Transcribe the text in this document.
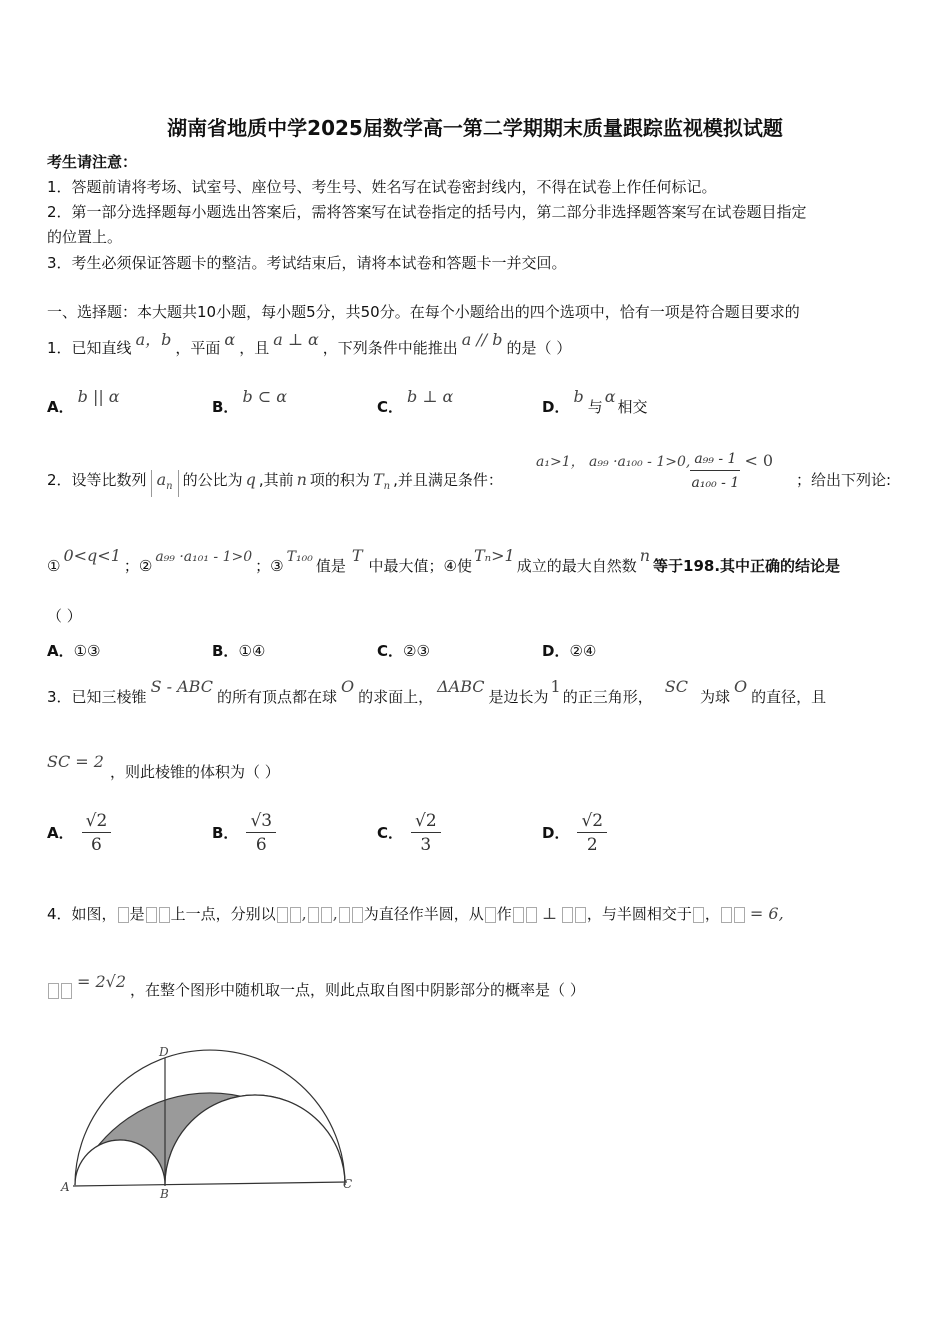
湖南省地质中学2025届数学高一第二学期期末质量跟踪监视模拟试题
考生请注意：
1．答题前请将考场、试室号、座位号、考生号、姓名写在试卷密封线内，不得在试卷上作任何标记。
2．第一部分选择题每小题选出答案后，需将答案写在试卷指定的括号内，第二部分非选择题答案写在试卷题目指定
的位置上。
3．考生必须保证答题卡的整洁。考试结束后，请将本试卷和答题卡一并交回。
一、选择题：本大题共10小题，每小题5分，共50分。在每个小题给出的四个选项中，恰有一项是符合题目要求的
1．已知直线 a，b ，平面 α ，且 a ⊥ α ，下列条件中能推出 a // b 的是（ ）
A．b || α
B．b ⊂ α
C．b ⊥ α
D．b与α相交
2．设等比数列 $a_n$ 的公比为 q ,其前 n 项的积为 $T_n$ ,并且满足条件：
a₁>1， a₉₉ ·a₁₀₀ - 1>0, $\frac{\text{a₉₉ - 1}}{\text{a₁₀₀ - 1}} < 0$
；给出下列论:
①0<q<1；② a₉₉ ·a₁₀₁ - 1>0 ；③ T₁₀₀ 值是T中最大值；④使Tₙ>1成立的最大自然数n等于198.其中正确的结论是
（ ）
A．①③	B．①④	C．②③	D．②④
3．已知三棱锥S - ABC的所有顶点都在球O的求面上，ΔABC是边长为1的正三角形，SC为球O的直径，且
SC = 2，则此棱锥的体积为（ ）
A． $\frac{√2}{6}$	B． $\frac{√3}{6}$	C． $\frac{√2}{3}$	D． $\frac{√2}{2}$
4．如图， 是 上一点，分别以 , , 为直径作半圆，从 作 ⊥ ，与半圆相交于 ， = 6,
= 2√2 ，在整个图形中随机取一点，则此点取自图中阴影部分的概率是（ ）
D
A	B
C
